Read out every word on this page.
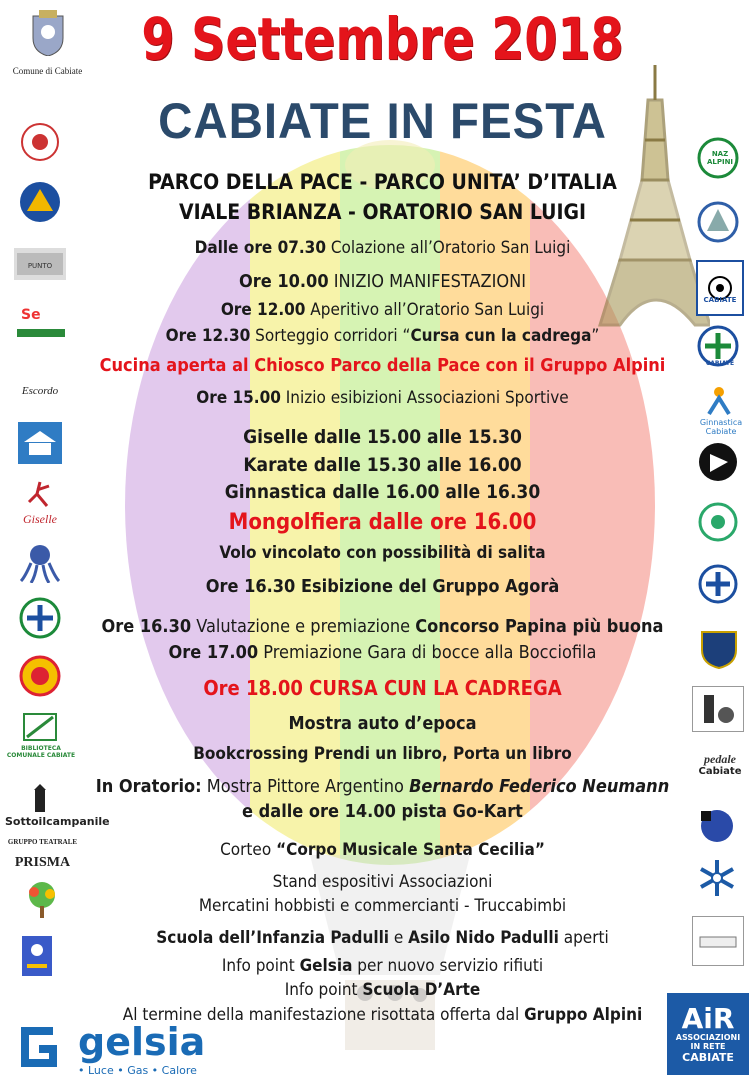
9 Settembre 2018
CABIATE IN FESTA
PARCO DELLA PACE - PARCO UNITA’ D’ITALIA
VIALE BRIANZA - ORATORIO SAN LUIGI
Dalle ore 07.30 Colazione all’Oratorio San Luigi
Ore 10.00 INIZIO MANIFESTAZIONI
Ore 12.00 Aperitivo all’Oratorio San Luigi
Ore 12.30 Sorteggio corridori “Cursa cun la cadrega”
Cucina aperta al Chiosco Parco della Pace con il Gruppo Alpini
Ore 15.00 Inizio esibizioni Associazioni Sportive
Giselle dalle 15.00 alle 15.30
Karate dalle 15.30 alle 16.00
Ginnastica dalle 16.00 alle 16.30
Mongolfiera dalle ore 16.00
Volo vincolato con possibilità di salita
Ore 16.30 Esibizione del Gruppo Agorà
Ore 16.30 Valutazione e premiazione Concorso Papina più buona
Ore 17.00 Premiazione Gara di bocce alla Bocciofila
Ore 18.00 CURSA CUN LA CADREGA
Mostra auto d’epoca
Bookcrossing Prendi un libro, Porta un libro
In Oratorio: Mostra Pittore Argentino Bernardo Federico Neumann
e dalle ore 14.00 pista Go-Kart
Corteo “Corpo Musicale Santa Cecilia”
Stand espositivi Associazioni
Mercatini hobbisti e commercianti - Truccabimbi
Scuola dell’Infanzia Padulli e Asilo Nido Padulli aperti
Info point Gelsia per nuovo servizio rifiuti
Info point Scuola D’Arte
Al termine della manifestazione risottata offerta dal Gruppo Alpini
Comune di Cabiate
PUNTO
Se
Escordo
Giselle
BIBLIOTECA COMUNALE CABIATE
Sottoilcampanile
GRUPPO TEATRALE
PRISMA
gelsia
• Luce • Gas • Calore
NAZ ALPINI
CABIATE
CABIATE
Ginnastica Cabiate
pedale
Cabiate
AiR
ASSOCIAZIONI
IN RETE
CABIATE
